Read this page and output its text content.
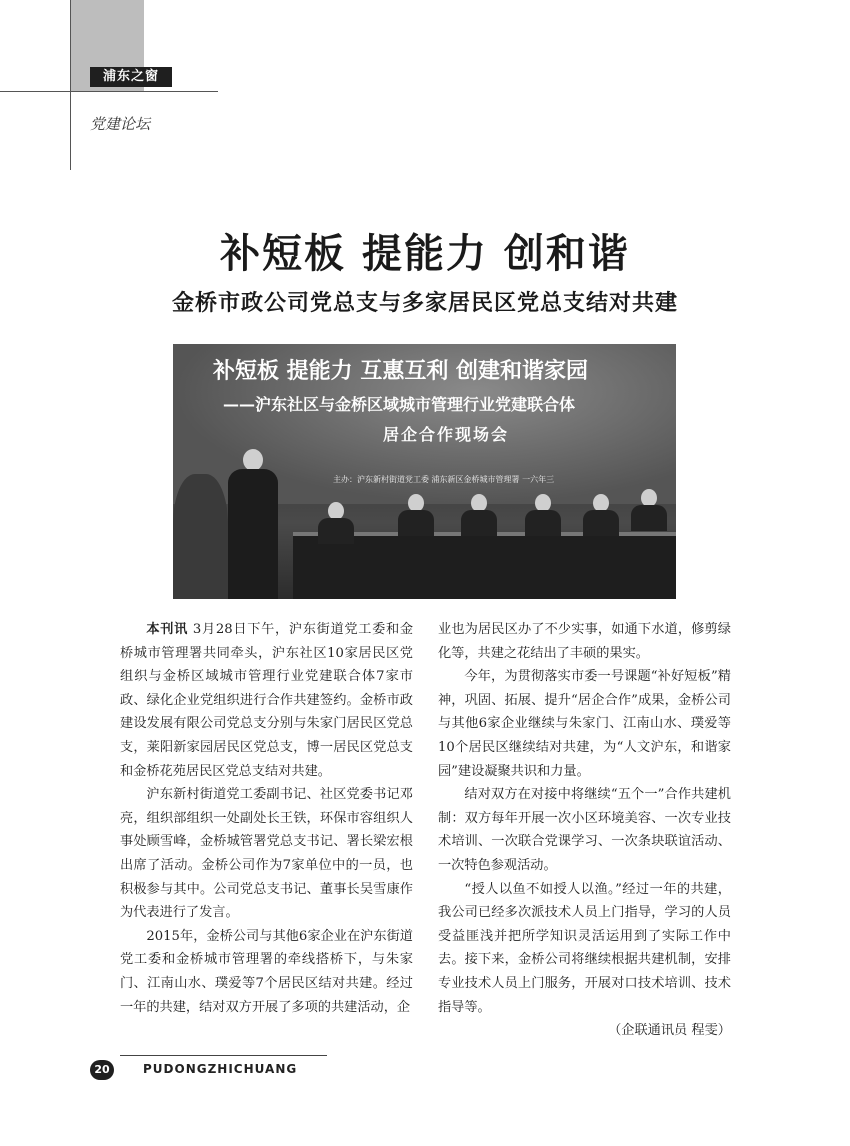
浦东之窗
党建论坛
补短板 提能力 创和谐
金桥市政公司党总支与多家居民区党总支结对共建
补短板 提能力 互惠互利 创建和谐家园
——沪东社区与金桥区域城市管理行业党建联合体
居企合作现场会
主办：沪东新村街道党工委 浦东新区金桥城市管理署 一六年三

本刊讯 3月28日下午，沪东街道党工委和金桥城市管理署共同牵头，沪东社区10家居民区党组织与金桥区域城市管理行业党建联合体7家市政、绿化企业党组织进行合作共建签约。金桥市政建设发展有限公司党总支分别与朱家门居民区党总支，莱阳新家园居民区党总支，博一居民区党总支和金桥花苑居民区党总支结对共建。

沪东新村街道党工委副书记、社区党委书记邓亮，组织部组织一处副处长王铁，环保市容组织人事处顾雪峰，金桥城管署党总支书记、署长梁宏根出席了活动。金桥公司作为7家单位中的一员，也积极参与其中。公司党总支书记、董事长吴雪康作为代表进行了发言。

2015年，金桥公司与其他6家企业在沪东街道党工委和金桥城市管理署的牵线搭桥下，与朱家门、江南山水、璞爱等7个居民区结对共建。经过一年的共建，结对双方开展了多项的共建活动，企

业也为居民区办了不少实事，如通下水道，修剪绿化等，共建之花结出了丰硕的果实。

今年，为贯彻落实市委一号课题“补好短板”精神，巩固、拓展、提升“居企合作”成果，金桥公司与其他6家企业继续与朱家门、江南山水、璞爱等10个居民区继续结对共建，为“人文沪东，和谐家园”建设凝聚共识和力量。

结对双方在对接中将继续“五个一”合作共建机制：双方每年开展一次小区环境美容、一次专业技术培训、一次联合党课学习、一次条块联谊活动、一次特色参观活动。

“授人以鱼不如授人以渔。”经过一年的共建，我公司已经多次派技术人员上门指导，学习的人员受益匪浅并把所学知识灵活运用到了实际工作中去。接下来，金桥公司将继续根据共建机制，安排专业技术人员上门服务，开展对口技术培训、技术指导等。
（企联通讯员 程雯）

20	PUDONGZHICHUANG
